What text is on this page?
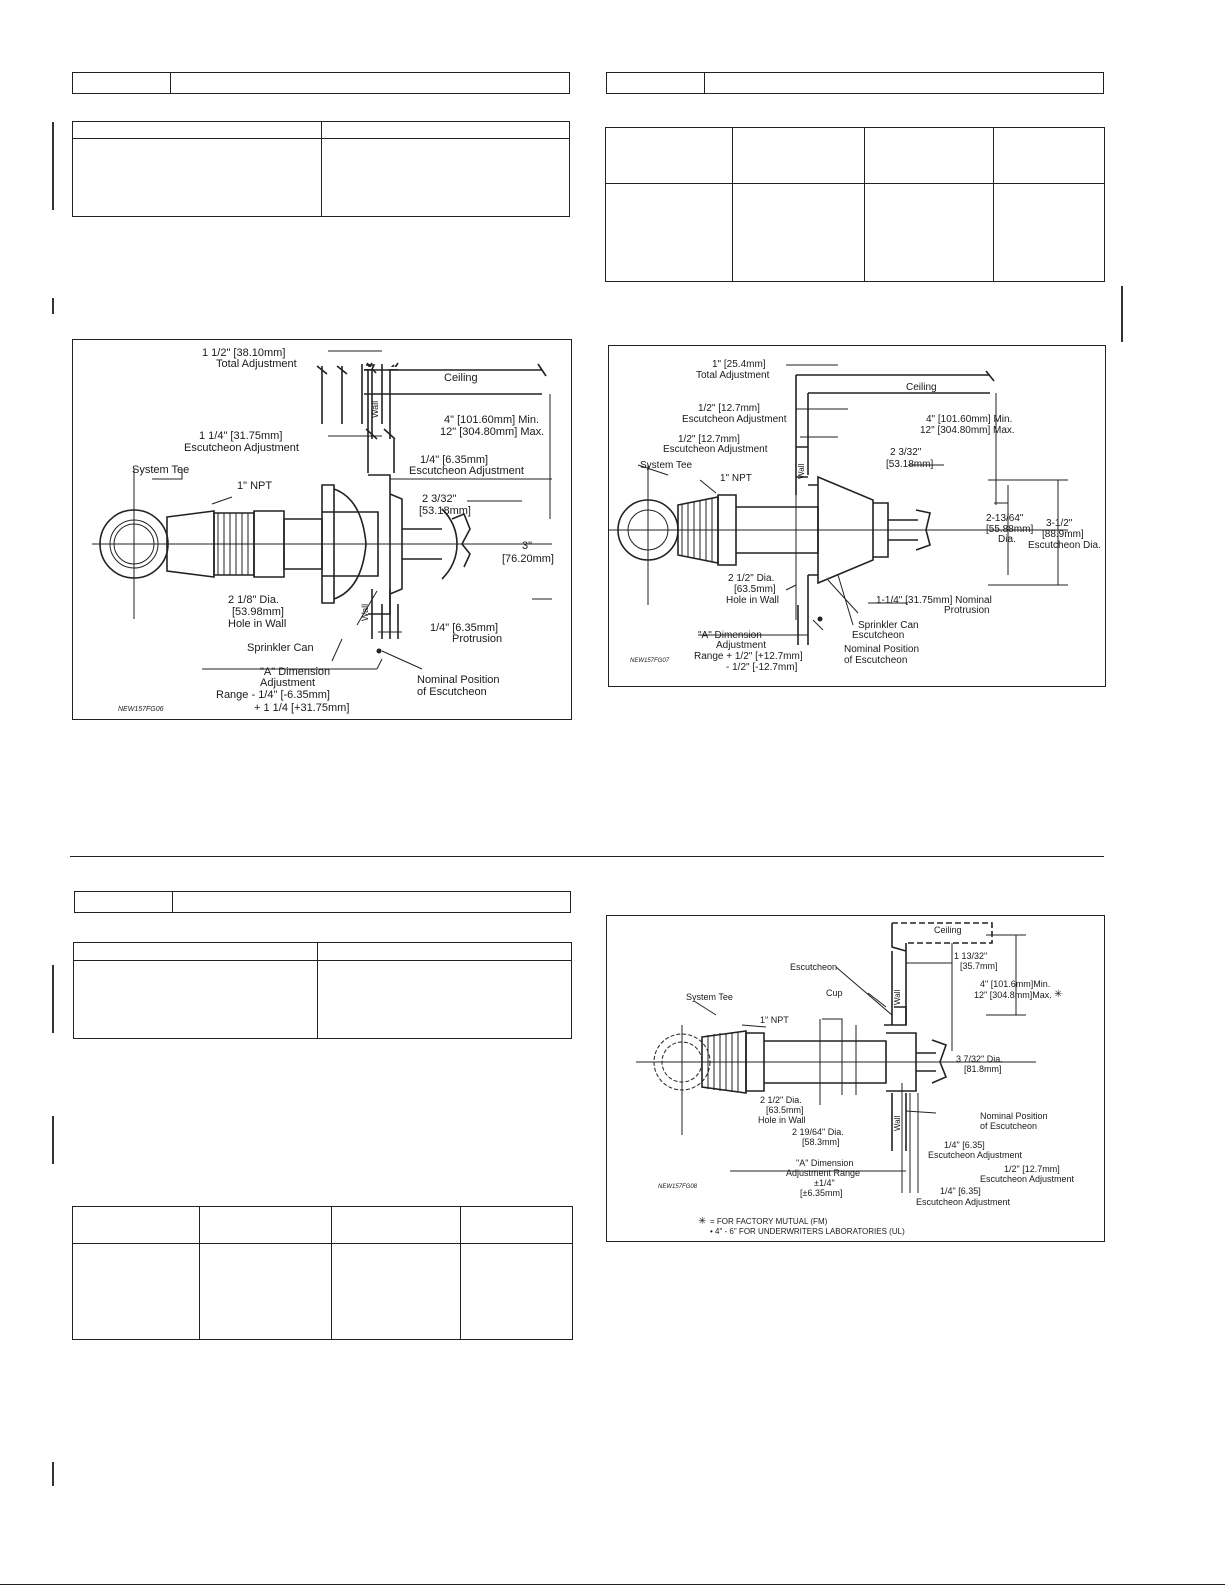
1 1/2" [38.10mm]
Total Adjustment
Ceiling
Wall
4" [101.60mm] Min.
12" [304.80mm] Max.
1 1/4" [31.75mm]
Escutcheon Adjustment
1/4" [6.35mm]
Escutcheon Adjustment
System Tee
1" NPT
2 3/32"
[53.18mm]
3"
[76.20mm]
2 1/8" Dia.
[53.98mm]
Hole in Wall
Wall
1/4" [6.35mm]
Protrusion
Sprinkler Can
"A" Dimension
Adjustment
Range - 1/4" [-6.35mm]
+ 1 1/4 [+31.75mm]
Nominal Position
of Escutcheon
NEW157FG06
1" [25.4mm]
Total Adjustment
Ceiling
1/2" [12.7mm]
Escutcheon Adjustment
1/2" [12.7mm]
Escutcheon Adjustment
4" [101.60mm] Min.
12" [304.80mm] Max.
Wall
System Tee
1" NPT
2 3/32"
[53.18mm]
2-13/64"
[55.88mm]
Dia.
3-1/2"
[88.9mm]
Escutcheon Dia.
2 1/2" Dia.
[63.5mm]
Hole in Wall	1-1/4" [31.75mm] Nominal
Protrusion
Sprinkler Can
Escutcheon
"A" Dimension
Adjustment
Range + 1/2" [+12.7mm]
- 1/2" [-12.7mm]
Nominal Position
of Escutcheon
NEW157FG07
Ceiling
Escutcheon
Cup
System Tee
1" NPT
Wall
Wall
1 13/32"
[35.7mm]
4" [101.6mm]Min.
12" [304.8mm]Max. ✳
3 7/32" Dia.
[81.8mm]
2 1/2" Dia.
[63.5mm]
Hole in Wall
2 19/64" Dia.
[58.3mm]
Nominal Position
of Escutcheon
1/4" [6.35]
Escutcheon Adjustment
1/2" [12.7mm]
Escutcheon Adjustment
1/4" [6.35]
Escutcheon Adjustment
"A" Dimension
Adjustment Range
±1/4"
[±6.35mm]
NEW157FG08
✳ = FOR FACTORY MUTUAL (FM)
• 4" - 6" FOR UNDERWRITERS LABORATORIES (UL)
